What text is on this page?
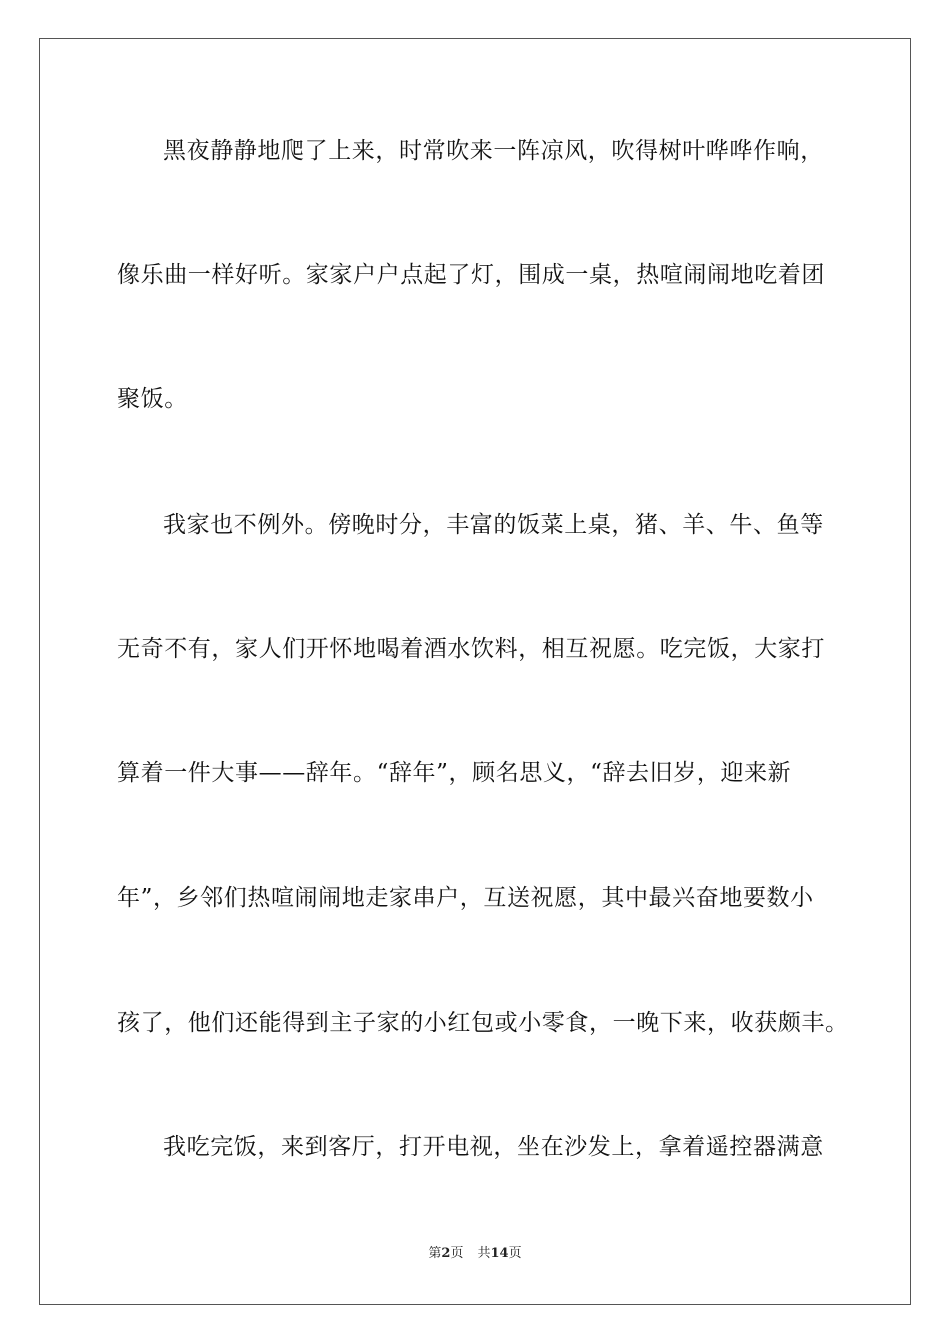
黑夜静静地爬了上来，时常吹来一阵凉风，吹得树叶哗哗作响，
像乐曲一样好听。家家户户点起了灯，围成一桌，热喧闹闹地吃着团
聚饭。
我家也不例外。傍晚时分，丰富的饭菜上桌，猪、羊、牛、鱼等
无奇不有，家人们开怀地喝着酒水饮料，相互祝愿。吃完饭，大家打
算着一件大事——辞年。“辞年”，顾名思义，“辞去旧岁，迎来新
年”，乡邻们热喧闹闹地走家串户，互送祝愿，其中最兴奋地要数小
孩了，他们还能得到主子家的小红包或小零食，一晚下来，收获颇丰。
我吃完饭，来到客厅，打开电视，坐在沙发上，拿着遥控器满意
第2页 共14页
